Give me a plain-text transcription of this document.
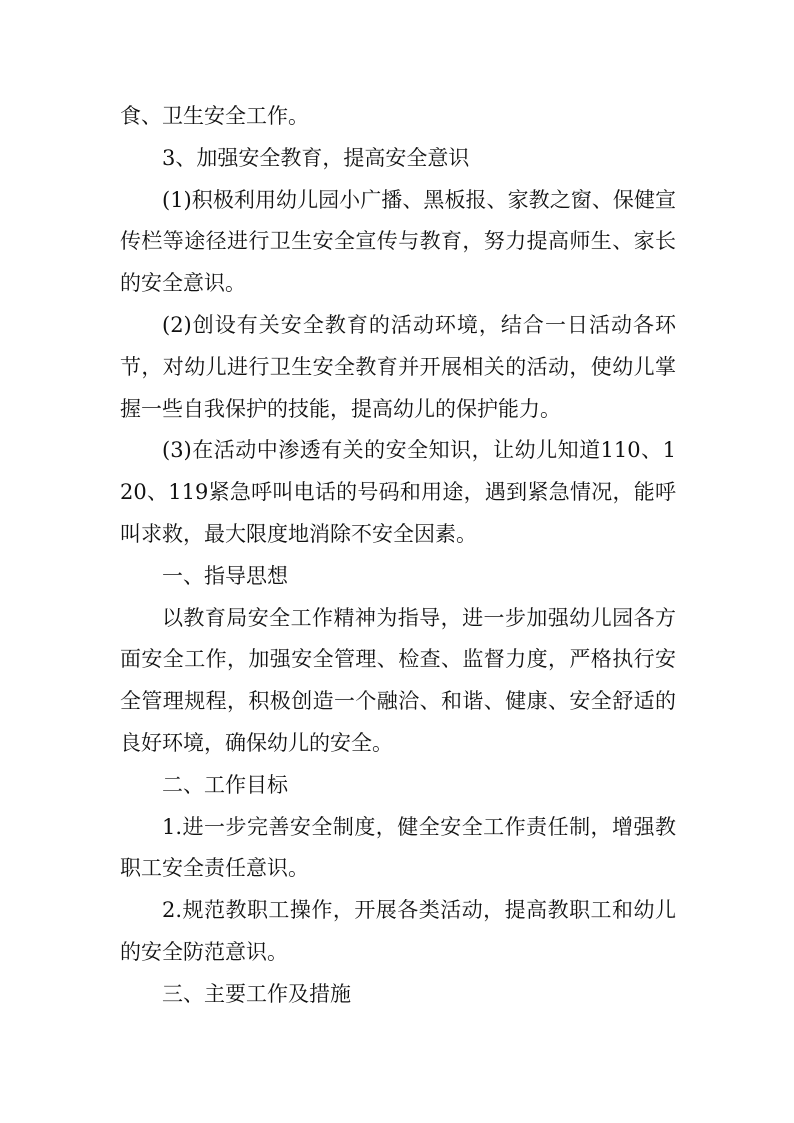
食、卫生安全工作。

3、加强安全教育，提高安全意识

(1)积极利用幼儿园小广播、黑板报、家教之窗、保健宣传栏等途径进行卫生安全宣传与教育，努力提高师生、家长的安全意识。

(2)创设有关安全教育的活动环境，结合一日活动各环节，对幼儿进行卫生安全教育并开展相关的活动，使幼儿掌握一些自我保护的技能，提高幼儿的保护能力。

(3)在活动中渗透有关的安全知识，让幼儿知道110、120、119紧急呼叫电话的号码和用途，遇到紧急情况，能呼叫求救，最大限度地消除不安全因素。

一、指导思想

以教育局安全工作精神为指导，进一步加强幼儿园各方面安全工作，加强安全管理、检查、监督力度，严格执行安全管理规程，积极创造一个融洽、和谐、健康、安全舒适的良好环境，确保幼儿的安全。

二、工作目标

1.进一步完善安全制度，健全安全工作责任制，增强教职工安全责任意识。

2.规范教职工操作，开展各类活动，提高教职工和幼儿的安全防范意识。

三、主要工作及措施
